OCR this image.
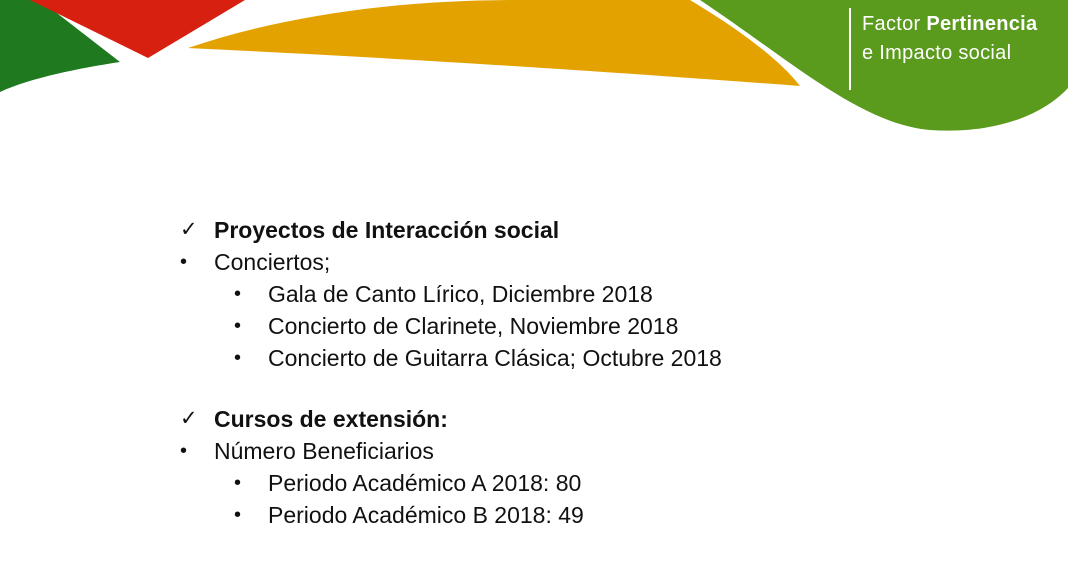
Factor Pertinencia
e Impacto social
✓ Proyectos de Interacción social
•	Conciertos;
•	Gala de Canto Lírico, Diciembre 2018
•	Concierto de Clarinete, Noviembre 2018
•	Concierto de Guitarra Clásica; Octubre 2018
✓ Cursos de extensión:
•	Número Beneficiarios
•	Periodo Académico A 2018: 80
•	Periodo Académico B 2018: 49
